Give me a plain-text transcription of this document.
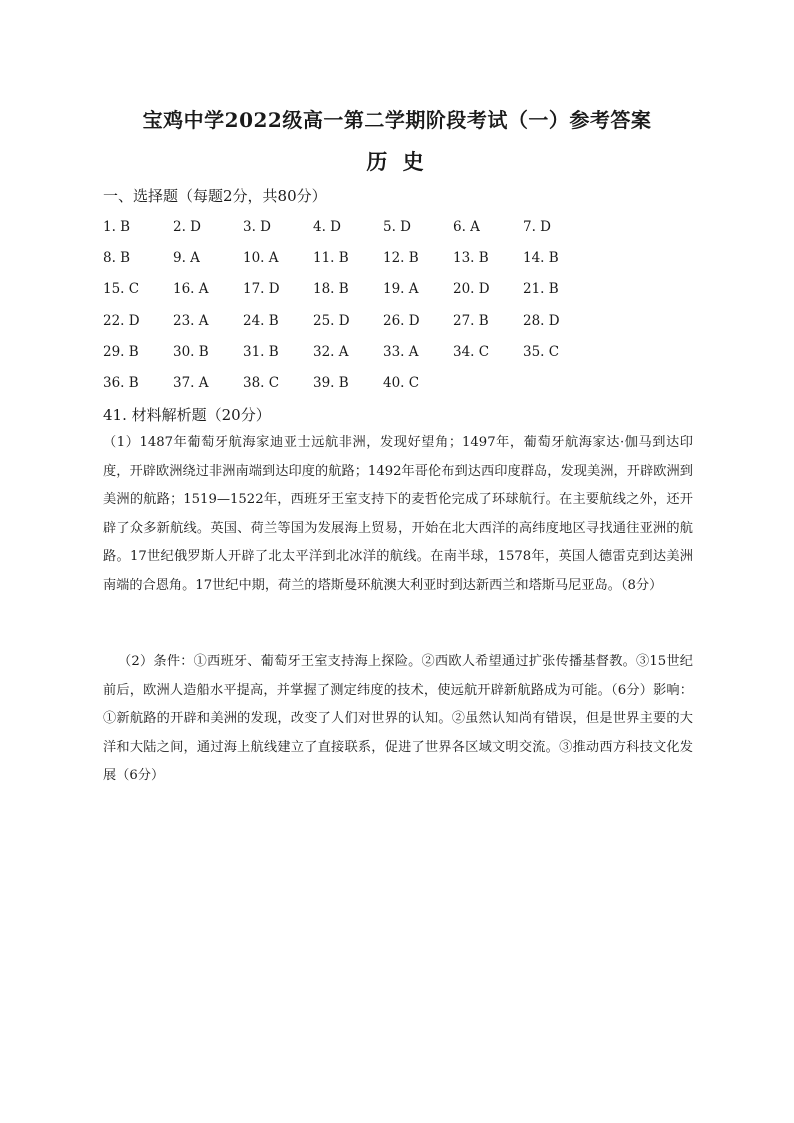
宝鸡中学2022级高一第二学期阶段考试（一）参考答案
历 史
一、选择题（每题2分，共80分）
1. B	2. D	3. D	4. D	5. D	6. A	7. D
8. B	9. A	10. A	11. B	12. B	13. B	14. B
15. C	16. A	17. D	18. B	19. A	20. D	21. B
22. D	23. A	24. B	25. D	26. D	27. B	28. D
29. B	30. B	31. B	32. A	33. A	34. C	35. C
36. B	37. A	38. C	39. B	40. C
41. 材料解析题（20分）
（1）1487年葡萄牙航海家迪亚士远航非洲，发现好望角；1497年，葡萄牙航海家达·伽马到达印度，开辟欧洲绕过非洲南端到达印度的航路；1492年哥伦布到达西印度群岛，发现美洲，开辟欧洲到美洲的航路；1519—1522年，西班牙王室支持下的麦哲伦完成了环球航行。在主要航线之外，还开辟了众多新航线。英国、荷兰等国为发展海上贸易，开始在北大西洋的高纬度地区寻找通往亚洲的航路。17世纪俄罗斯人开辟了北太平洋到北冰洋的航线。在南半球，1578年，英国人德雷克到达美洲南端的合恩角。17世纪中期，荷兰的塔斯曼环航澳大利亚时到达新西兰和塔斯马尼亚岛。（8分）
（2）条件：①西班牙、葡萄牙王室支持海上探险。②西欧人希望通过扩张传播基督教。③15世纪前后，欧洲人造船水平提高，并掌握了测定纬度的技术，使远航开辟新航路成为可能。（6分）影响：①新航路的开辟和美洲的发现，改变了人们对世界的认知。②虽然认知尚有错误，但是世界主要的大洋和大陆之间，通过海上航线建立了直接联系，促进了世界各区域文明交流。③推动西方科技文化发展（6分）
